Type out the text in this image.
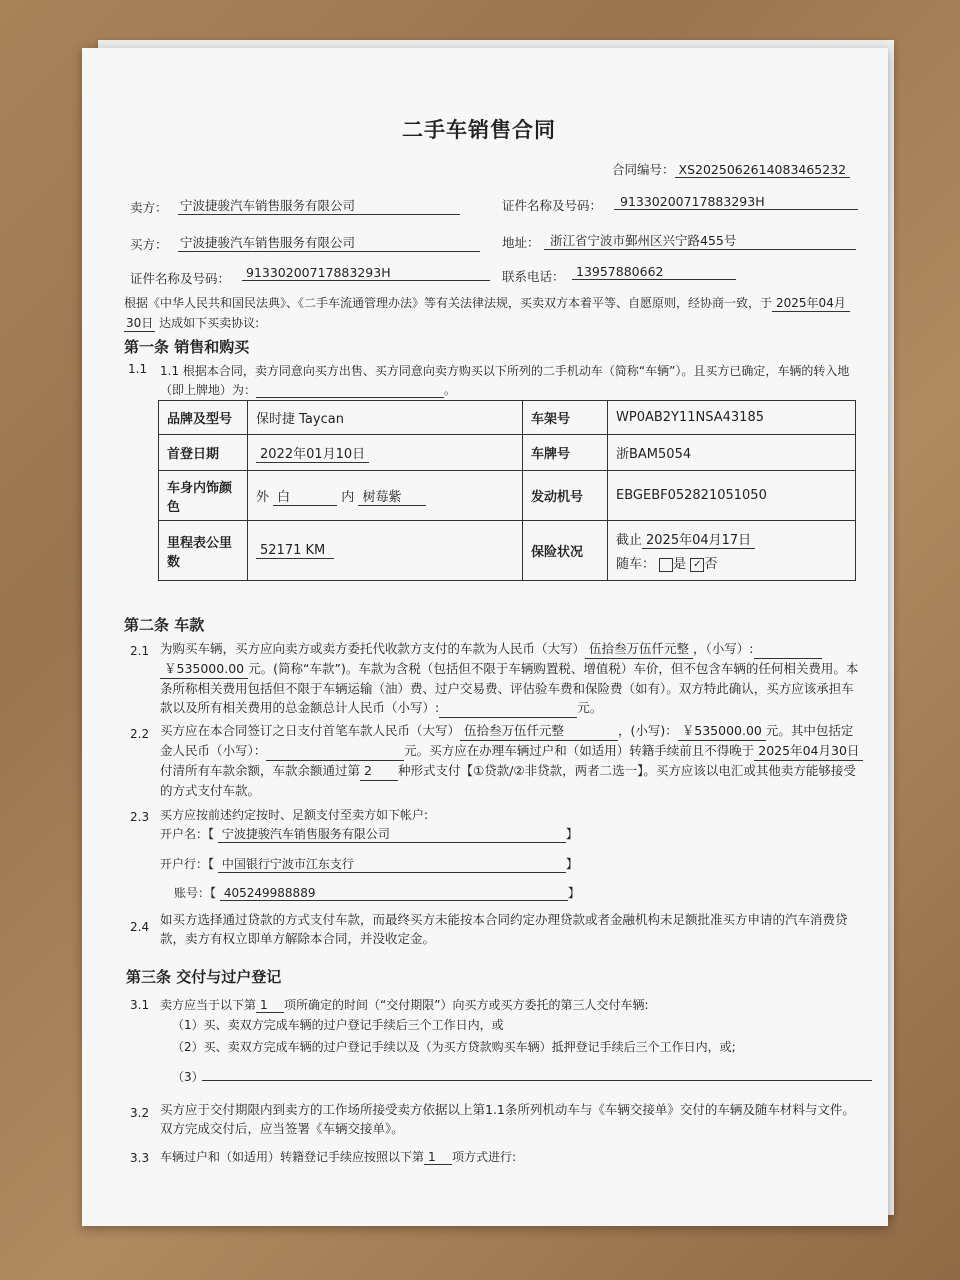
二手车销售合同
合同编号： XS20250626140834652​32
卖方： 宁波捷骏汽车销售服务有限公司	证件名称及号码：	91330200717883293H
买方： 宁波捷骏汽车销售服务有限公司	地址： 浙江省宁波市鄞州区兴宁路455号
证件名称及号码：	91330200717883293H	联系电话： 13957880662
根据《中华人民共和国民法典》、《二手车流通管理办法》等有关法律法规，买卖双方本着平等、自愿原则，经协商一致，于 2025年04月
30日 达成如下买卖协议:
第一条 销售和购买
1.1 1.1 根据本合同，卖方同意向买方出售、买方同意向卖方购买以下所列的二手机动车（简称“车辆”）。且买方已确定，车辆的转入地
（即上牌地）为：	。
品牌及型号	保时捷 Taycan	车架号	WP0AB2Y11NSA43185
首登日期	2022年01月10日	车牌号	浙BAM5054
车身内饰颜色	外 白 内 树莓紫	发动机号	EBGEBF052821051050
里程表公里数	52171 KM	保险状况	截止 2025年04月17日
随车： 是 ✓ 否
第二条 车款
2.1 为购买车辆，买方应向卖方或卖方委托代收款方支付的车款为人民币（大写） 伍拾叁万伍仟元整 ，（小写）:
￥535000.00 元。(简称“车款”)。车款为含税（包括但不限于车辆购置税、增值税）车价，但不包含车辆的任何相关费用。本条所称相关费用包括但不限于车辆运输（油）费、过户交易费、评估验车费和保险费（如有）。双方特此确认，买方应该承担车款以及所有相关费用的总金额总计人民币（小写）:	元。
2.2 买方应在本合同签订之日支付首笔车款人民币（大写） 伍拾叁万伍仟元整	，(小写)： ￥535000.00 元。其中包括定金人民币（小写）：	元。买方应在办理车辆过户和（如适用）转籍手续前且不得晚于 2025年04月30日付清所有车款余额，车款余额通过第 2 种形式支付【①贷款/②非贷款，两者二选一】。买方应该以电汇或其他卖方能够接受的方式支付车款。
2.3 买方应按前述约定按时、足额支付至卖方如下帐户:
开户名：【 宁波捷骏汽车销售服务有限公司	】
开户行：【 中国银行宁波市江东支行	】
账号：【 405249988889	】
2.4 如买方选择通过贷款的方式支付车款，而最终买方未能按本合同约定办理贷款或者金融机构未足额批准买方申请的汽车消费贷款，卖方有权立即单方解除本合同，并没收定金。
第三条 交付与过户登记
3.1 卖方应当于以下第 1 项所确定的时间（“交付期限”）向买方或买方委托的第三人交付车辆:
（1）买、卖双方完成车辆的过户登记手续后三个工作日内，或
（2）买、卖双方完成车辆的过户登记手续以及（为买方贷款购买车辆）抵押登记手续后三个工作日内，或;
（3）
3.2 买方应于交付期限内到卖方的工作场所接受卖方依据以上第1.1条所列机动车与《车辆交接单》交付的车辆及随车材料与文件。双方完成交付后，应当签署《车辆交接单》。
3.3 车辆过户和（如适用）转籍登记手续应按照以下第 1 项方式进行:
